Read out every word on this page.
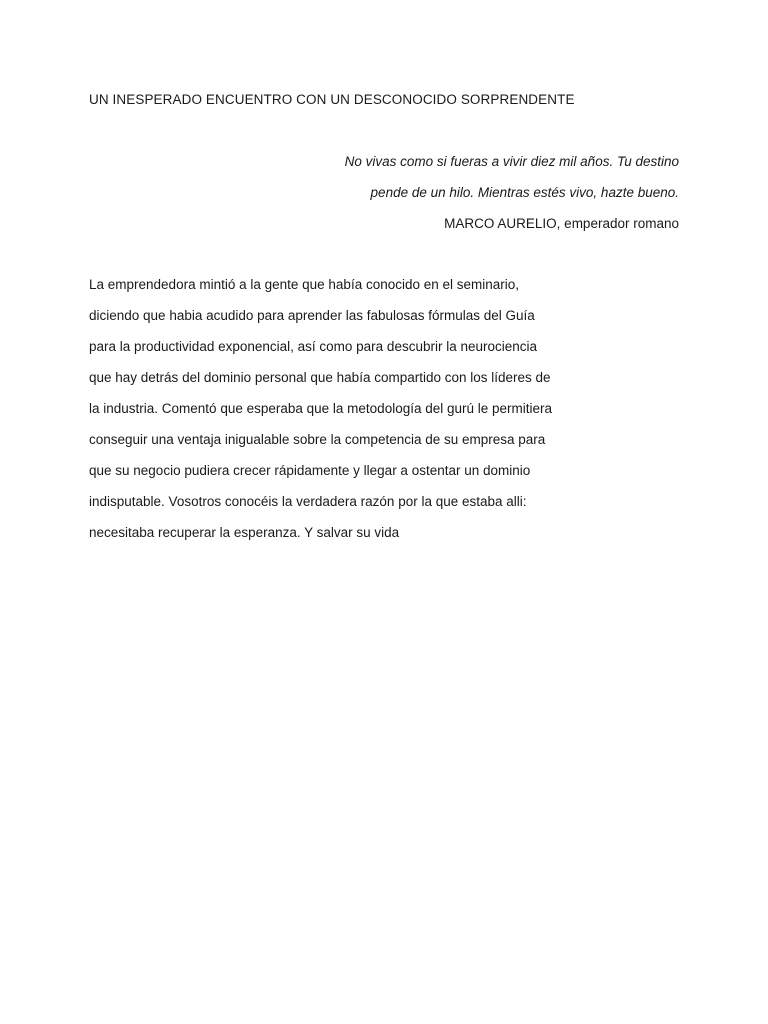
UN INESPERADO ENCUENTRO CON UN DESCONOCIDO SORPRENDENTE
No vivas como si fueras a vivir diez mil años. Tu destino
pende de un hilo. Mientras estés vivo, hazte bueno.
MARCO AURELIO, emperador romano
La emprendedora mintió a la gente que había conocido en el seminario,
diciendo que habia acudido para aprender las fabulosas fórmulas del Guía
para la productividad exponencial, así como para descubrir la neurociencia
que hay detrás del dominio personal que había compartido con los líderes de
la industria. Comentó que esperaba que la metodología del gurú le permitiera
conseguir una ventaja inigualable sobre la competencia de su empresa para
que su negocio pudiera crecer rápidamente y llegar a ostentar un dominio
indisputable. Vosotros conocéis la verdadera razón por la que estaba alli:
necesitaba recuperar la esperanza. Y salvar su vida
